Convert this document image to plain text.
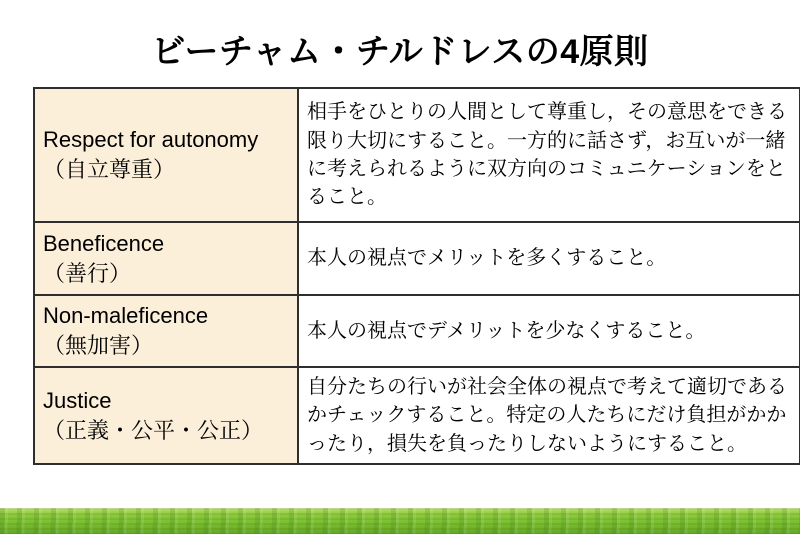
ビーチャム・チルドレスの4原則
Respect for autonomy
（自立尊重）	相手をひとりの人間として尊重し，その意思をできる限り大切にすること。一方的に話さず，お互いが一緒に考えられるように双方向のコミュニケーションをとること。

Beneficence
（善行）	本人の視点でメリットを多くすること。

Non-maleficence
（無加害）	本人の視点でデメリットを少なくすること。

Justice
（正義・公平・公正）	自分たちの行いが社会全体の視点で考えて適切であるかチェックすること。特定の人たちにだけ負担がかかったり，損失を負ったりしないようにすること。
